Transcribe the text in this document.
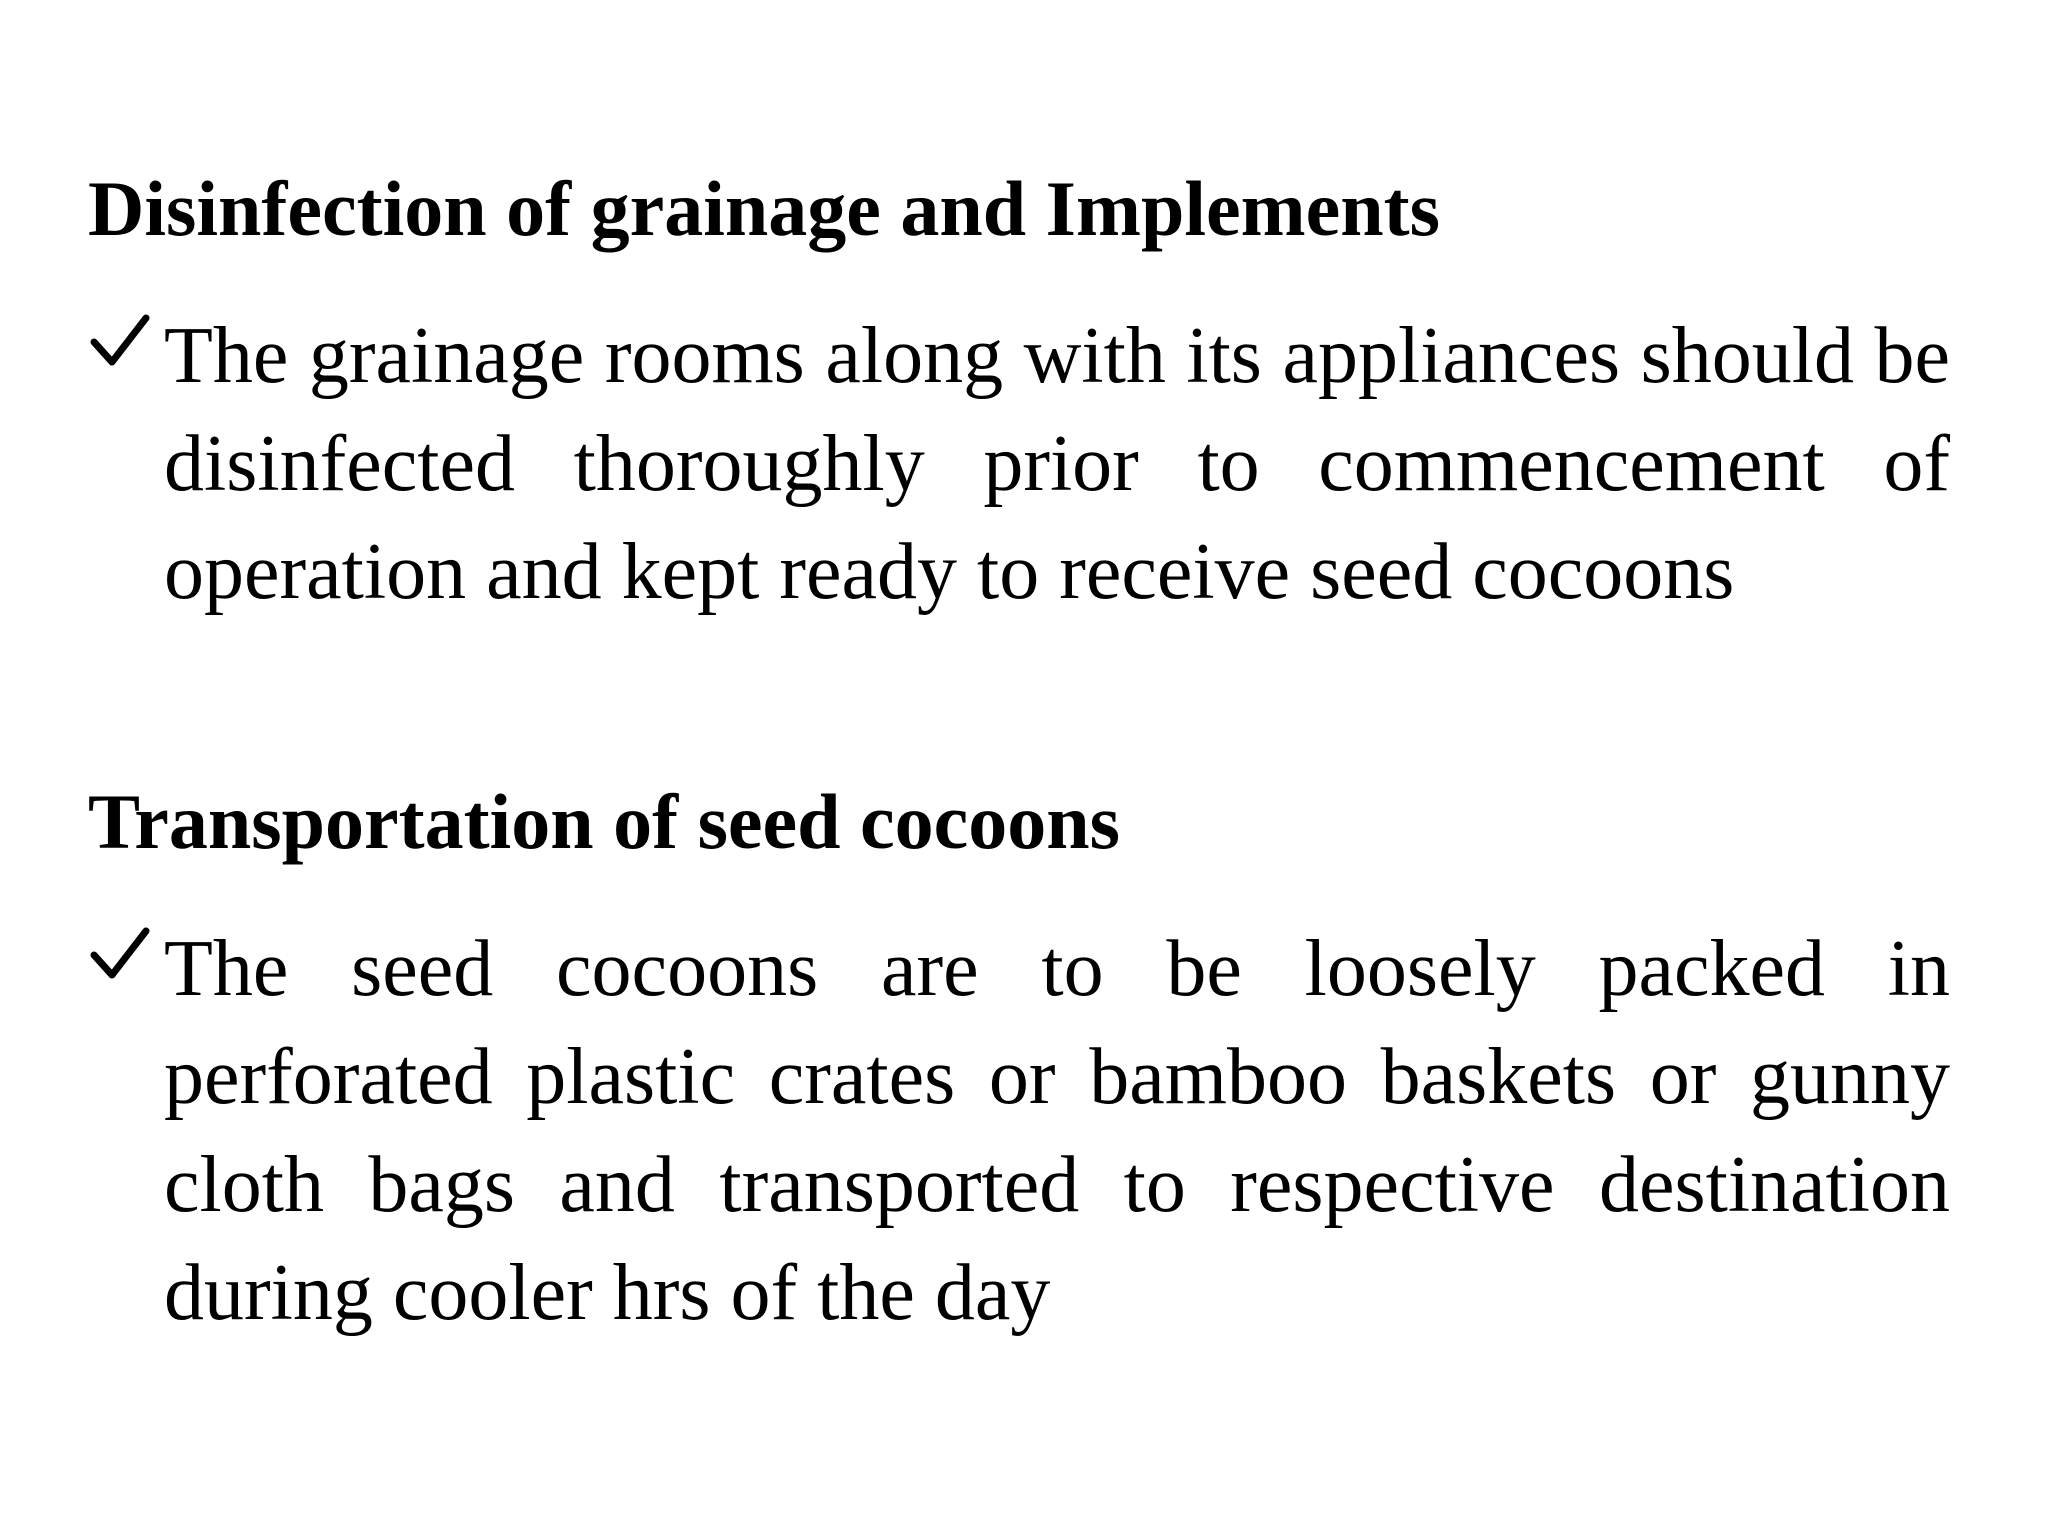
Disinfection of grainage and Implements

The grainage rooms along with its appliances should be disinfected thoroughly prior to commencement of operation and kept ready to receive seed cocoons

Transportation of seed cocoons

The seed cocoons are to be loosely packed in perforated plastic crates or bamboo baskets or gunny cloth bags and transported to respective destination during cooler hrs of the day
